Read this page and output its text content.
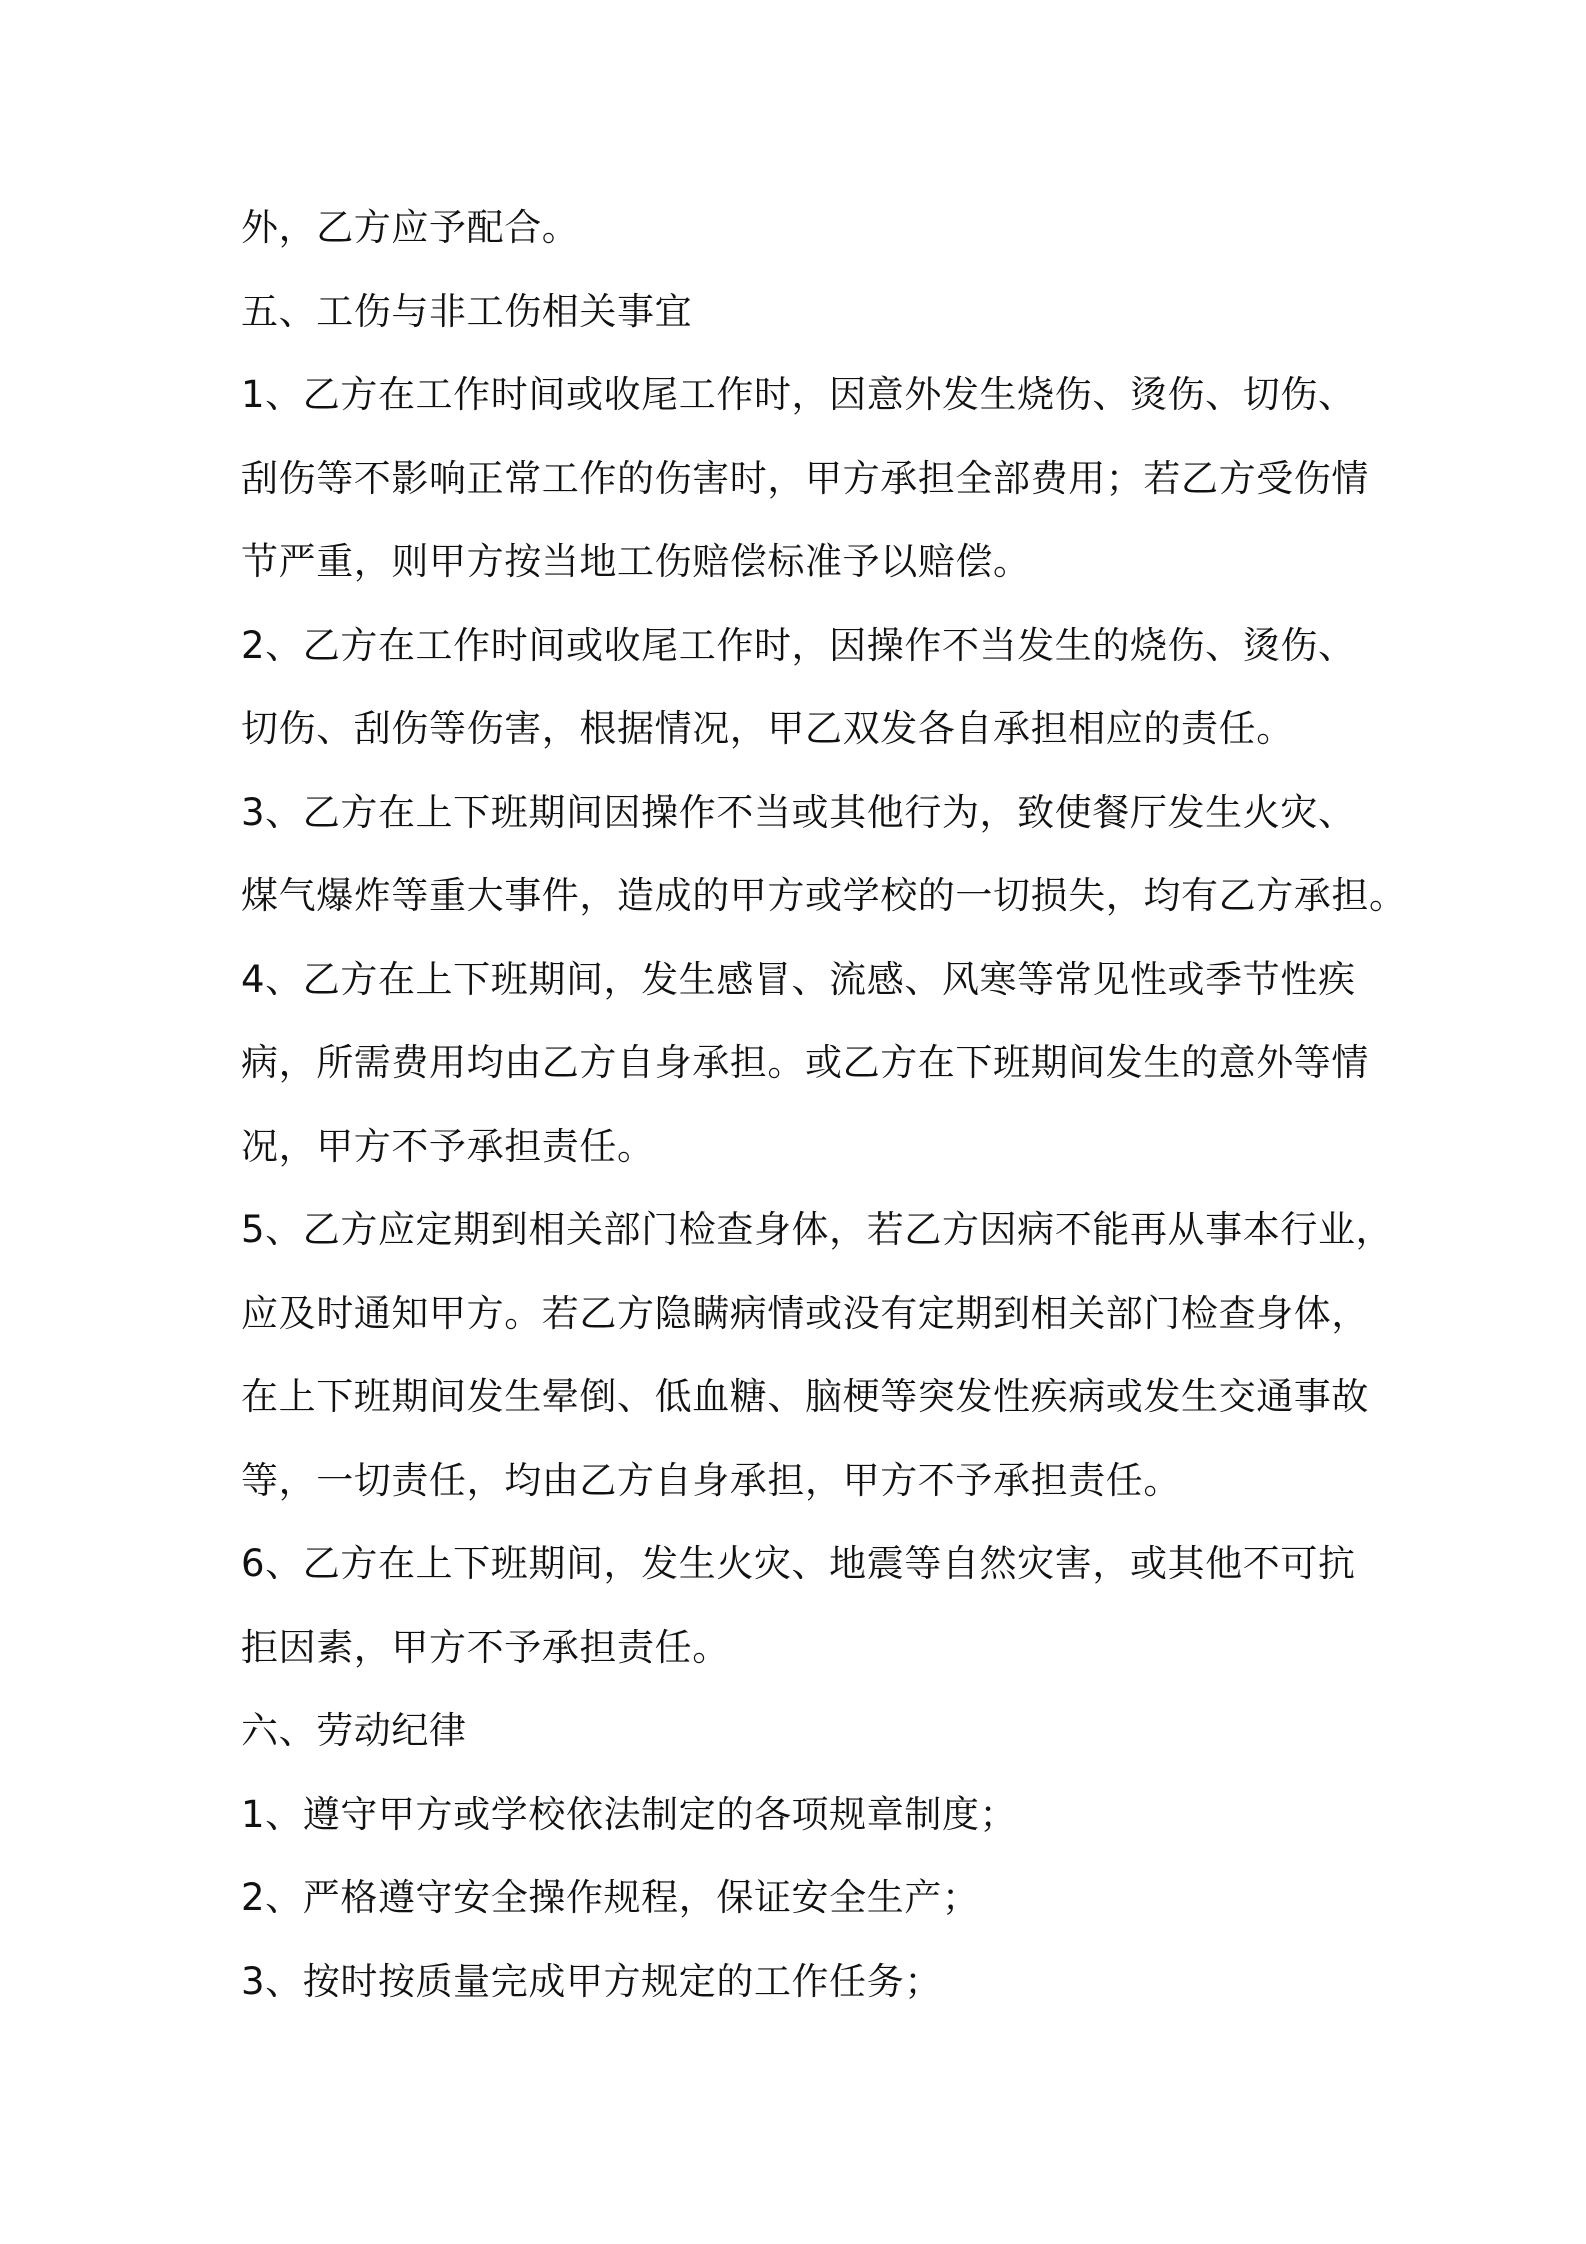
外，乙方应予配合。
五、工伤与非工伤相关事宜
1、乙方在工作时间或收尾工作时，因意外发生烧伤、烫伤、切伤、
刮伤等不影响正常工作的伤害时，甲方承担全部费用；若乙方受伤情
节严重，则甲方按当地工伤赔偿标准予以赔偿。
2、乙方在工作时间或收尾工作时，因操作不当发生的烧伤、烫伤、
切伤、刮伤等伤害，根据情况，甲乙双发各自承担相应的责任。
3、乙方在上下班期间因操作不当或其他行为，致使餐厅发生火灾、
煤气爆炸等重大事件，造成的甲方或学校的一切损失，均有乙方承担。
4、乙方在上下班期间，发生感冒、流感、风寒等常见性或季节性疾
病，所需费用均由乙方自身承担。或乙方在下班期间发生的意外等情
况，甲方不予承担责任。
5、乙方应定期到相关部门检查身体，若乙方因病不能再从事本行业，
应及时通知甲方。若乙方隐瞒病情或没有定期到相关部门检查身体，
在上下班期间发生晕倒、低血糖、脑梗等突发性疾病或发生交通事故
等，一切责任，均由乙方自身承担，甲方不予承担责任。
6、乙方在上下班期间，发生火灾、地震等自然灾害，或其他不可抗
拒因素，甲方不予承担责任。
六、劳动纪律
1、遵守甲方或学校依法制定的各项规章制度；
2、严格遵守安全操作规程，保证安全生产；
3、按时按质量完成甲方规定的工作任务；
